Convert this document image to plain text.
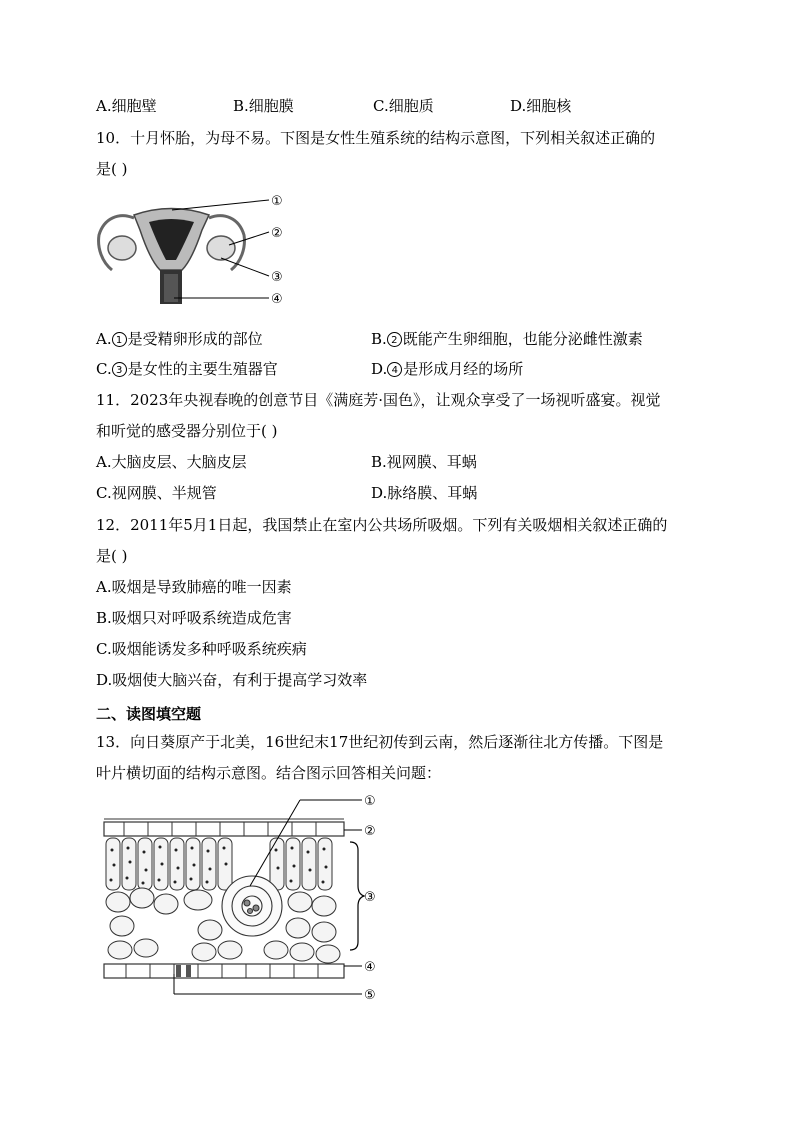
A.细胞壁	B.细胞膜	C.细胞质	D.细胞核
10．十月怀胎，为母不易。下图是女性生殖系统的结构示意图，下列相关叙述正确的
是( )
①
②
③
④
A. 1 是受精卵形成的部位	B. 2 既能产生卵细胞，也能分泌雌性激素
C. 3 是女性的主要生殖器官	D. 4 是形成月经的场所
11．2023年央视春晚的创意节目《满庭芳·国色》，让观众享受了一场视听盛宴。视觉
和听觉的感受器分别位于( )
A.大脑皮层、大脑皮层	B.视网膜、耳蜗
C.视网膜、半规管	D.脉络膜、耳蜗
12．2011年5月1日起，我国禁止在室内公共场所吸烟。下列有关吸烟相关叙述正确的
是( )
A.吸烟是导致肺癌的唯一因素
B.吸烟只对呼吸系统造成危害
C.吸烟能诱发多种呼吸系统疾病
D.吸烟使大脑兴奋，有利于提高学习效率
二、读图填空题
13．向日葵原产于北美，16世纪末17世纪初传到云南，然后逐渐往北方传播。下图是
叶片横切面的结构示意图。结合图示回答相关问题：
①
②
③
④
⑤
